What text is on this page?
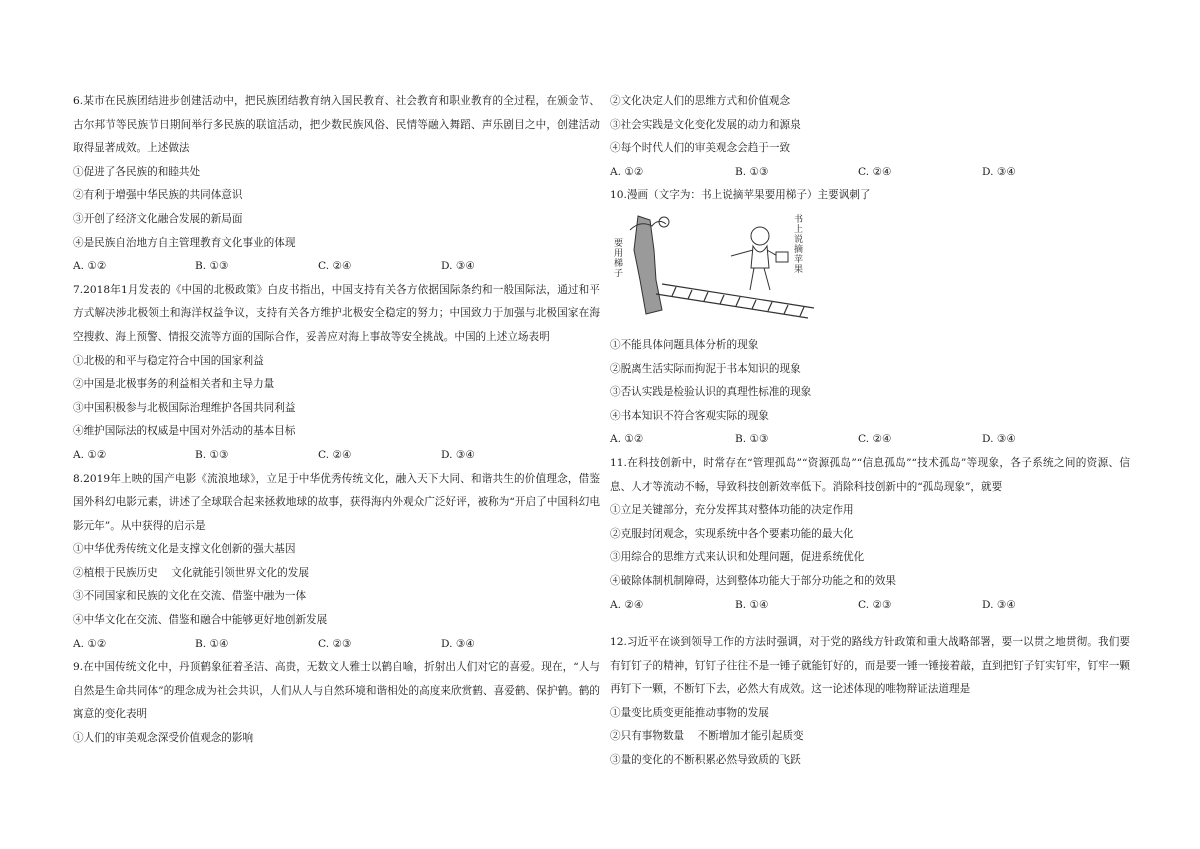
6.某市在民族团结进步创建活动中，把民族团结教育纳入国民教育、社会教育和职业教育的全过程，在颁金节、古尔邦节等民族节日期间举行多民族的联谊活动，把少数民族风俗、民情等融入舞蹈、声乐剧目之中，创建活动取得显著成效。上述做法
①促进了各民族的和睦共处
②有利于增强中华民族的共同体意识
③开创了经济文化融合发展的新局面
④是民族自治地方自主管理教育文化事业的体现
A. ①②	B. ①③	C. ②④	D. ③④
7.2018年1月发表的《中国的北极政策》白皮书指出，中国支持有关各方依据国际条约和一般国际法，通过和平方式解决涉北极领土和海洋权益争议，支持有关各方维护北极安全稳定的努力；中国致力于加强与北极国家在海空搜救、海上预警、情报交流等方面的国际合作，妥善应对海上事故等安全挑战。中国的上述立场表明
①北极的和平与稳定符合中国的国家利益
②中国是北极事务的利益相关者和主导力量
③中国积极参与北极国际治理维护各国共同利益
④维护国际法的权威是中国对外活动的基本目标
A. ①②	B. ①③	C. ②④	D. ③④
8.2019年上映的国产电影《流浪地球》，立足于中华优秀传统文化，融入天下大同、和谐共生的价值理念，借鉴国外科幻电影元素，讲述了全球联合起来拯救地球的故事，获得海内外观众广泛好评，被称为“开启了中国科幻电影元年”。从中获得的启示是
①中华优秀传统文化是支撑文化创新的强大基因
②植根于民族历史    文化就能引领世界文化的发展
③不同国家和民族的文化在交流、借鉴中融为一体
④中华文化在交流、借鉴和融合中能够更好地创新发展
A. ①②	B. ①④	C. ②③	D. ③④
9.在中国传统文化中，丹顶鹤象征着圣洁、高贵，无数文人雅士以鹤自喻，折射出人们对它的喜爱。现在，“人与自然是生命共同体”的理念成为社会共识，人们从人与自然环境和谐相处的高度来欣赏鹤、喜爱鹤、保护鹤。鹤的寓意的变化表明
①人们的审美观念深受价值观念的影响
②文化决定人们的思维方式和价值观念
③社会实践是文化变化发展的动力和源泉
④每个时代人们的审美观念会趋于一致
A. ①②	B. ①③	C. ②④	D. ③④
10.漫画（文字为：书上说摘苹果要用梯子）主要讽刺了
要用梯子
书上说摘苹果
①不能具体问题具体分析的现象
②脱离生活实际而拘泥于书本知识的现象
③否认实践是检验认识的真理性标准的现象
④书本知识不符合客观实际的现象
A. ①②	B. ①③	C. ②④	D. ③④
11.在科技创新中，时常存在“管理孤岛”“资源孤岛”“信息孤岛”“技术孤岛”等现象，各子系统之间的资源、信息、人才等流动不畅，导致科技创新效率低下。消除科技创新中的“孤岛现象”，就要
①立足关键部分，充分发挥其对整体功能的决定作用
②克服封闭观念，实现系统中各个要素功能的最大化
③用综合的思维方式来认识和处理问题，促进系统优化
④破除体制机制障碍，达到整体功能大于部分功能之和的效果
A. ②④	B. ①④	C. ②③	D. ③④
12.习近平在谈到领导工作的方法时强调，对于党的路线方针政策和重大战略部署，要一以贯之地贯彻。我们要有钉钉子的精神，钉钉子往往不是一锤子就能钉好的，而是要一锤一锤接着敲，直到把钉子钉实钉牢，钉牢一颗再钉下一颗，不断钉下去，必然大有成效。这一论述体现的唯物辩证法道理是
①量变比质变更能推动事物的发展
②只有事物数量    不断增加才能引起质变
③量的变化的不断积累必然导致质的飞跃
